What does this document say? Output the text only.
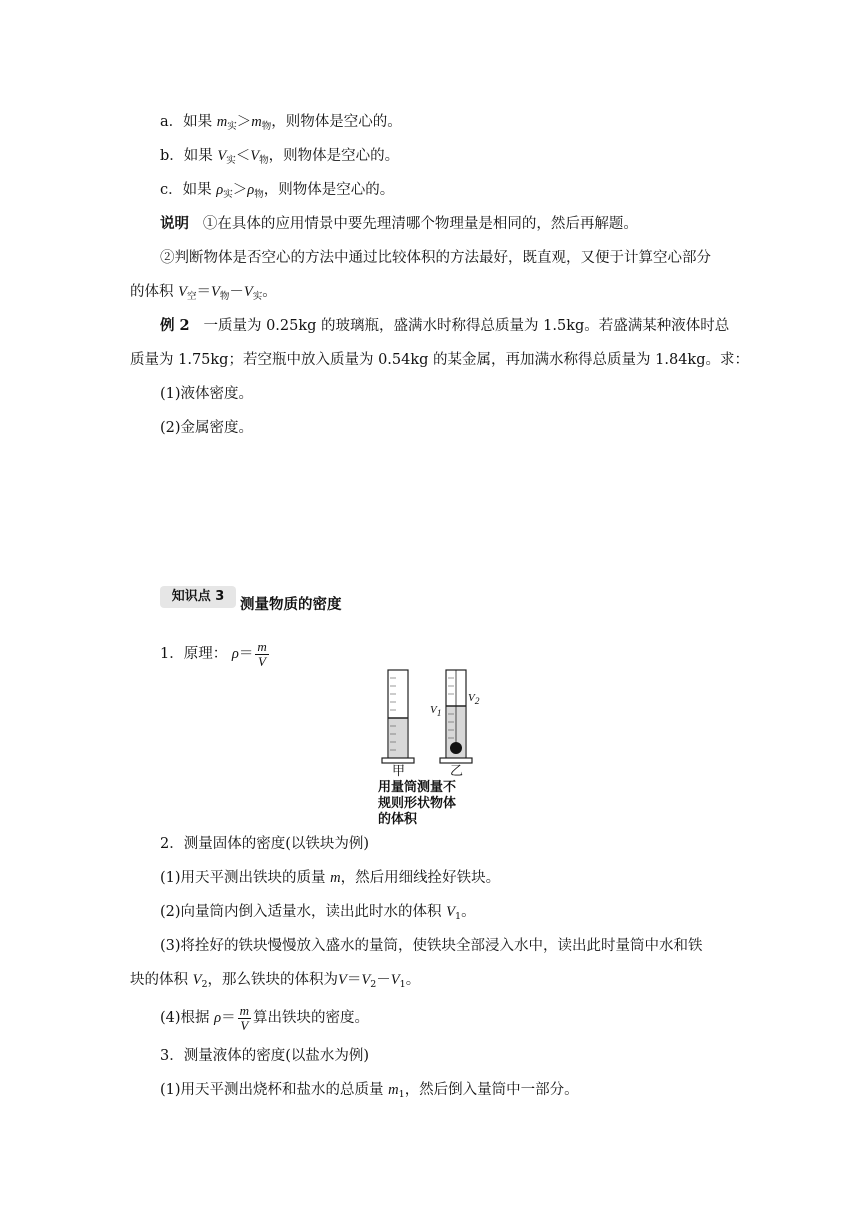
a．如果 $m_实>m_物$，则物体是空心的。
b．如果 $V_实<V_物$，则物体是空心的。
c．如果 $\rho_实>\rho_物$，则物体是空心的。
说明 ①在具体的应用情景中要先理清哪个物理量是相同的，然后再解题。
②判断物体是否空心的方法中通过比较体积的方法最好，既直观，又便于计算空心部分
的体积 $V_空=V_物-V_实$。
例 2 一质量为 0.25kg 的玻璃瓶，盛满水时称得总质量为 1.5kg。若盛满某种液体时总
质量为 1.75kg；若空瓶中放入质量为 0.54kg 的某金属，再加满水称得总质量为 1.84kg。求：
(1)液体密度。
(2)金属密度。
知识点 3
测量物质的密度
1．原理： $\rho= \frac{m}{V}$
V1
V2
甲	乙
用量筒测量不
规则形状物体
的体积
2．测量固体的密度(以铁块为例)
(1)用天平测出铁块的质量 m，然后用细线拴好铁块。
(2)向量筒内倒入适量水，读出此时水的体积 $V_1$。
(3)将拴好的铁块慢慢放入盛水的量筒，使铁块全部浸入水中，读出此时量筒中水和铁
块的体积 $V_2$，那么铁块的体积为$V=V_2-V_1$。
(4)根据 $\rho= \frac{m}{V}$ 算出铁块的密度。
3．测量液体的密度(以盐水为例)
(1)用天平测出烧杯和盐水的总质量 $m_1$，然后倒入量筒中一部分。
